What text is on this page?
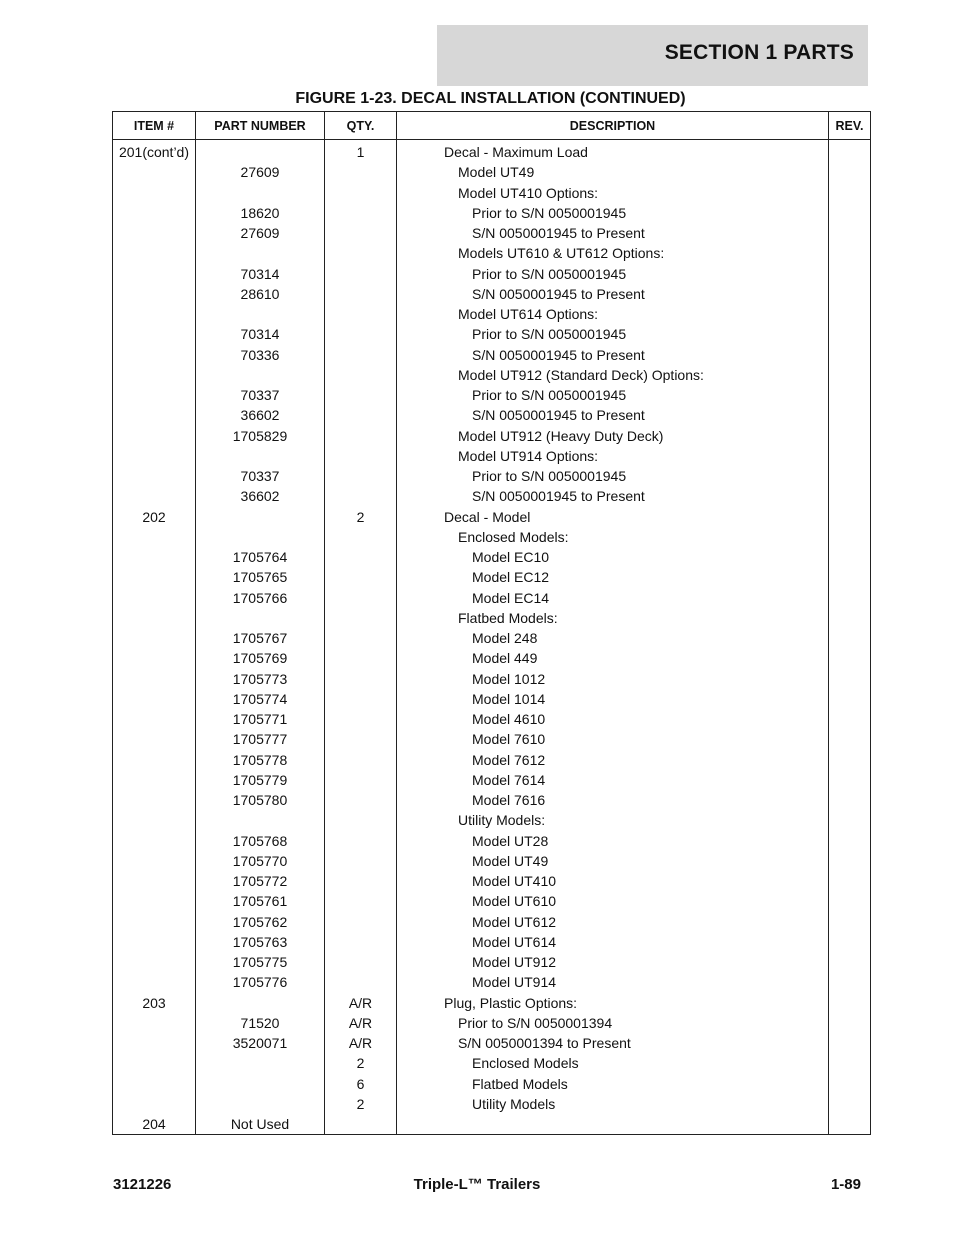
SECTION 1 PARTS
FIGURE 1-23. DECAL INSTALLATION (CONTINUED)
ITEM #	PART NUMBER	QTY.	DESCRIPTION	REV.
201(cont’d)		1	Decal - Maximum Load	
	27609		Model UT49	
			Model UT410 Options:	
	18620		Prior to S/N 0050001945	
	27609		S/N 0050001945 to Present	
			Models UT610 & UT612 Options:	
	70314		Prior to S/N 0050001945	
	28610		S/N 0050001945 to Present	
			Model UT614 Options:	
	70314		Prior to S/N 0050001945	
	70336		S/N 0050001945 to Present	
			Model UT912 (Standard Deck) Options:	
	70337		Prior to S/N 0050001945	
	36602		S/N 0050001945 to Present	
	1705829		Model UT912 (Heavy Duty Deck)	
			Model UT914 Options:	
	70337		Prior to S/N 0050001945	
	36602		S/N 0050001945 to Present	
202		2	Decal - Model	
			Enclosed Models:	
	1705764		Model EC10	
	1705765		Model EC12	
	1705766		Model EC14	
			Flatbed Models:	
	1705767		Model 248	
	1705769		Model 449	
	1705773		Model 1012	
	1705774		Model 1014	
	1705771		Model 4610	
	1705777		Model 7610	
	1705778		Model 7612	
	1705779		Model 7614	
	1705780		Model 7616	
			Utility Models:	
	1705768		Model UT28	
	1705770		Model UT49	
	1705772		Model UT410	
	1705761		Model UT610	
	1705762		Model UT612	
	1705763		Model UT614	
	1705775		Model UT912	
	1705776		Model UT914	
203		A/R	Plug, Plastic Options:	
	71520	A/R	Prior to S/N 0050001394	
	3520071	A/R	S/N 0050001394 to Present	
		2	Enclosed Models	
		6	Flatbed Models	
		2	Utility Models	
204	Not Used			
3121226	Triple-L™ Trailers	1-89
